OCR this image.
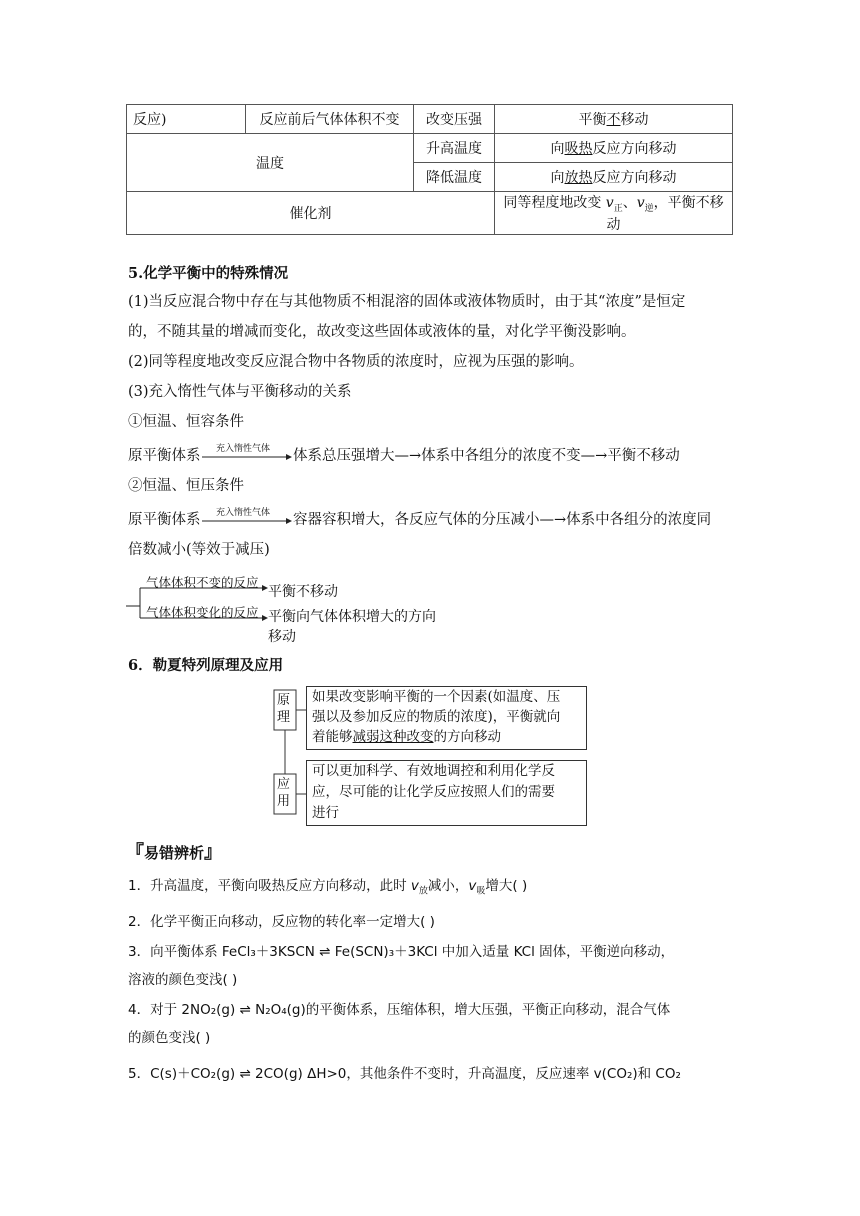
反应)	反应前后气体体积不变	改变压强	平衡不移动
温度		升高温度	向吸热反应方向移动
		降低温度	向放热反应方向移动
催化剂			同等程度地改变 $v_正$、$v_逆$，平衡不移动
5.化学平衡中的特殊情况
(1)当反应混合物中存在与其他物质不相混溶的固体或液体物质时，由于其“浓度”是恒定
的，不随其量的增减而变化，故改变这些固体或液体的量，对化学平衡没影响。
(2)同等程度地改变反应混合物中各物质的浓度时，应视为压强的影响。
(3)充入惰性气体与平衡移动的关系
①恒温、恒容条件
原平衡体系 充入惰性气体 体系总压强增大—→体系中各组分的浓度不变—→平衡不移动
②恒温、恒压条件
原平衡体系 充入惰性气体 容器容积增大，各反应气体的分压减小—→体系中各组分的浓度同
倍数减小(等效于减压)
气体体积不变的反应
平衡不移动
气体体积变化的反应 平衡向气体体积增大的方向
移动
6．勒夏特列原理及应用
原理
应用
如果改变影响平衡的一个因素(如温度、压
强以及参加反应的物质的浓度)，平衡就向
着能够减弱这种改变的方向移动
可以更加科学、有效地调控和利用化学反
应，尽可能的让化学反应按照人们的需要
进行
『易错辨析』
1．升高温度，平衡向吸热反应方向移动，此时 $v_放$减小，$v_吸$增大( )
2．化学平衡正向移动，反应物的转化率一定增大( )
3．向平衡体系 FeCl₃＋3KSCN ⇌ Fe(SCN)₃＋3KCl 中加入适量 KCl 固体，平衡逆向移动，
溶液的颜色变浅( )
4．对于 2NO₂(g) ⇌ N₂O₄(g)的平衡体系，压缩体积，增大压强，平衡正向移动，混合气体
的颜色变浅( )
5．C(s)＋CO₂(g) ⇌ 2CO(g) ΔH>0，其他条件不变时，升高温度，反应速率 v(CO₂)和 CO₂
